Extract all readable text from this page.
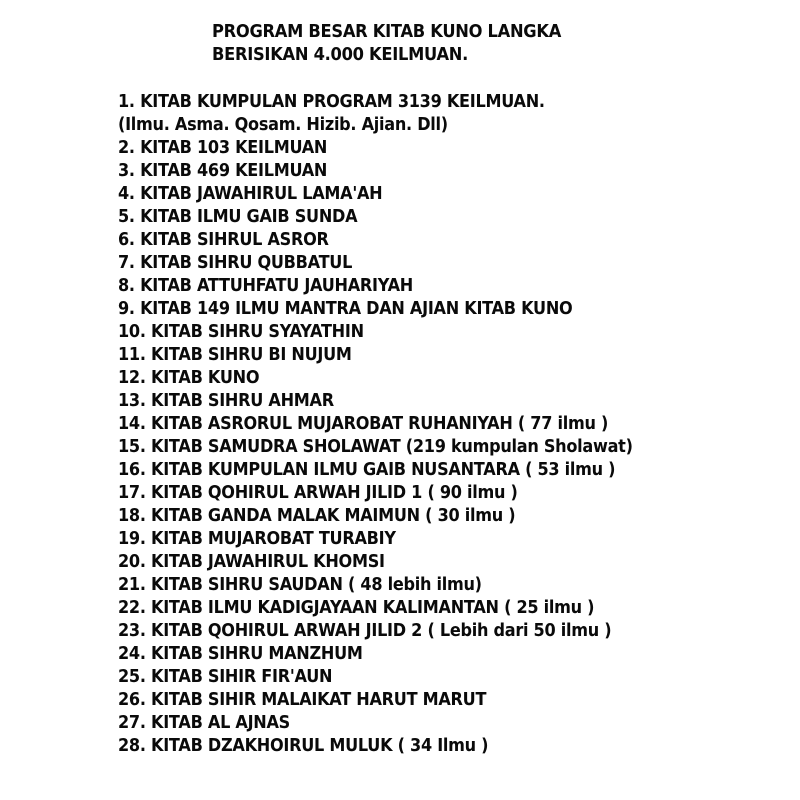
PROGRAM BESAR KITAB KUNO LANGKA
BERISIKAN 4.000 KEILMUAN.
1. KITAB KUMPULAN PROGRAM 3139 KEILMUAN.
(Ilmu. Asma. Qosam. Hizib. Ajian. Dll)
2. KITAB 103 KEILMUAN
3. KITAB 469 KEILMUAN
4. KITAB JAWAHIRUL LAMA'AH
5. KITAB ILMU GAIB SUNDA
6. KITAB SIHRUL ASROR
7. KITAB SIHRU QUBBATUL
8. KITAB ATTUHFATU JAUHARIYAH
9. KITAB 149 ILMU MANTRA DAN AJIAN KITAB KUNO
10. KITAB SIHRU SYAYATHIN
11. KITAB SIHRU BI NUJUM
12. KITAB KUNO
13. KITAB SIHRU AHMAR
14. KITAB ASRORUL MUJAROBAT RUHANIYAH ( 77 ilmu )
15. KITAB SAMUDRA SHOLAWAT (219 kumpulan Sholawat)
16. KITAB KUMPULAN ILMU GAIB NUSANTARA ( 53 ilmu )
17. KITAB QOHIRUL ARWAH JILID 1 ( 90 ilmu )
18. KITAB GANDA MALAK MAIMUN ( 30 ilmu )
19. KITAB MUJAROBAT TURABIY
20. KITAB JAWAHIRUL KHOMSI
21. KITAB SIHRU SAUDAN ( 48 lebih ilmu)
22. KITAB ILMU KADIGJAYAAN KALIMANTAN ( 25 ilmu )
23. KITAB QOHIRUL ARWAH JILID 2 ( Lebih dari 50 ilmu )
24. KITAB SIHRU MANZHUM
25. KITAB SIHIR FIR'AUN
26. KITAB SIHIR MALAIKAT HARUT MARUT
27. KITAB AL AJNAS
28. KITAB DZAKHOIRUL MULUK ( 34 Ilmu )
